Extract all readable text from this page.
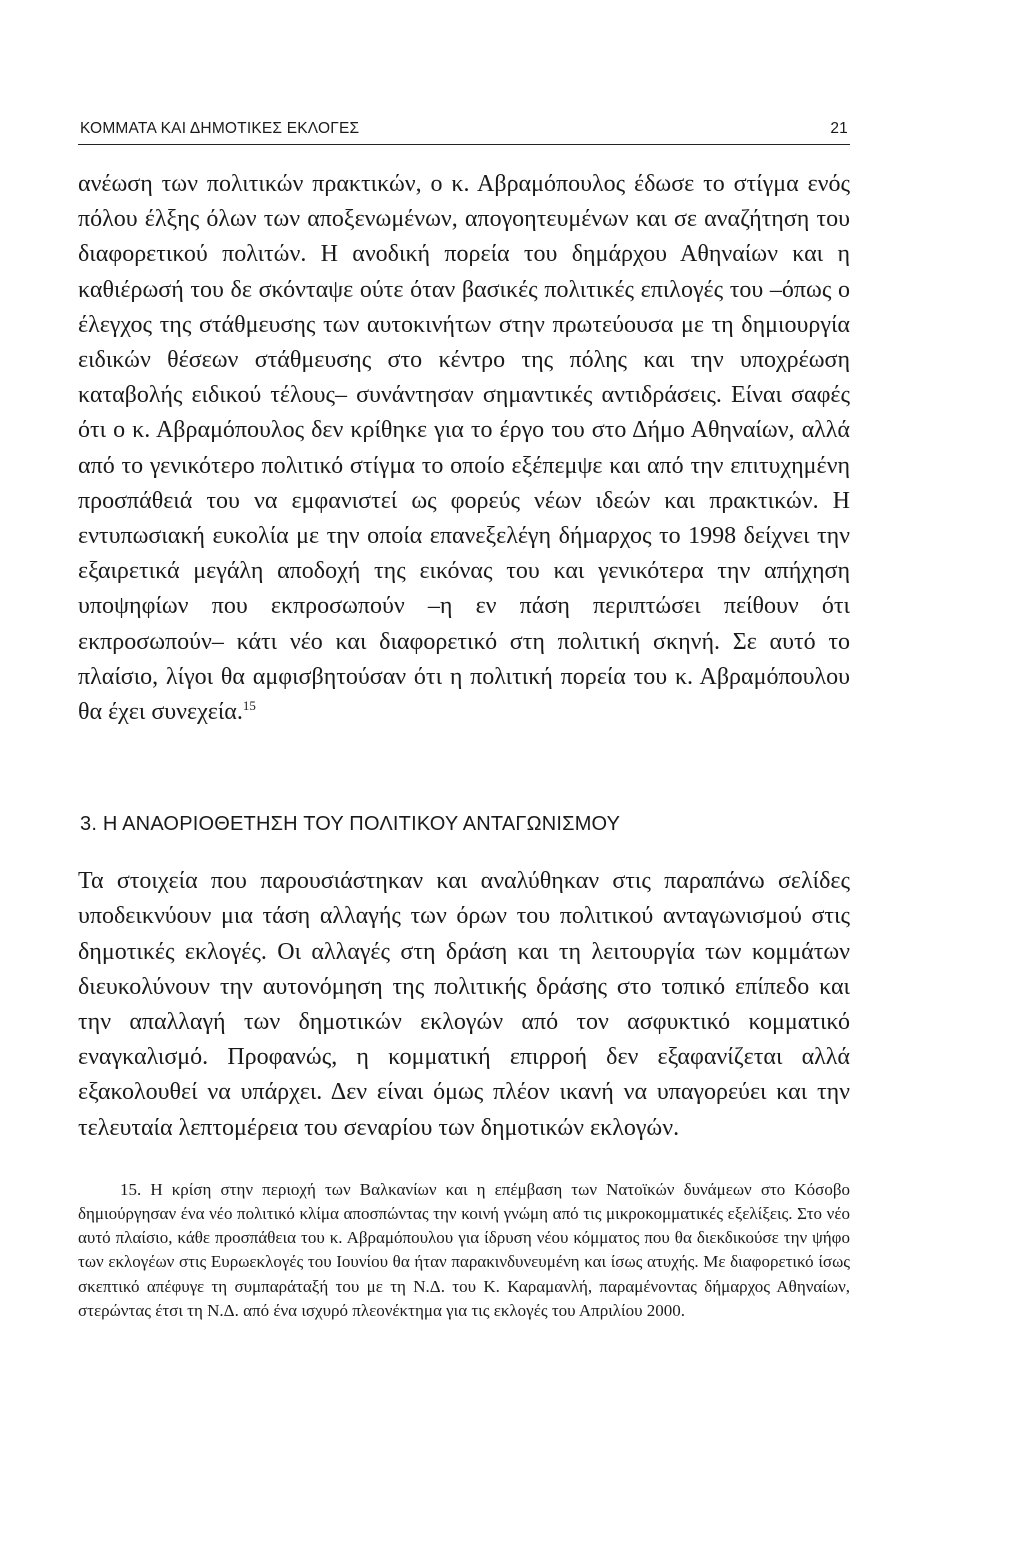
ΚΟΜΜΑΤΑ ΚΑΙ ΔΗΜΟΤΙΚΕΣ ΕΚΛΟΓΕΣ	21

ανέωση των πολιτικών πρακτικών, ο κ. Αβραμόπουλος έδωσε το στίγμα ενός πόλου έλξης όλων των αποξενωμένων, απογοητευμένων και σε αναζήτηση του διαφορετικού πολιτών. Η ανοδική πορεία του δημάρχου Αθηναίων και η καθιέρωσή του δε σκόνταψε ούτε όταν βασικές πολιτικές επιλογές του –όπως ο έλεγχος της στάθμευσης των αυτοκινήτων στην πρωτεύουσα με τη δημιουργία ειδικών θέσεων στάθμευσης στο κέντρο της πόλης και την υποχρέωση καταβολής ειδικού τέλους– συνάντησαν σημαντικές αντιδράσεις. Είναι σαφές ότι ο κ. Αβραμόπουλος δεν κρίθηκε για το έργο του στο Δήμο Αθηναίων, αλλά από το γενικότερο πολιτικό στίγμα το οποίο εξέπεμψε και από την επιτυχημένη προσπάθειά του να εμφανιστεί ως φορεύς νέων ιδεών και πρακτικών. Η εντυπωσιακή ευκολία με την οποία επανεξελέγη δήμαρχος το 1998 δείχνει την εξαιρετικά μεγάλη αποδοχή της εικόνας του και γενικότερα την απήχηση υποψηφίων που εκπροσωπούν –η εν πάση περιπτώσει πείθουν ότι εκπροσωπούν– κάτι νέο και διαφορετικό στη πολιτική σκηνή. Σε αυτό το πλαίσιο, λίγοι θα αμφισβητούσαν ότι η πολιτική πορεία του κ. Αβραμόπουλου θα έχει συνεχεία.$^{15}$

3. Η ΑΝΑΟΡΙΟΘΕΤΗΣΗ ΤΟΥ ΠΟΛΙΤΙΚΟΥ ΑΝΤΑΓΩΝΙΣΜΟΥ

Τα στοιχεία που παρουσιάστηκαν και αναλύθηκαν στις παραπάνω σελίδες υποδεικνύουν μια τάση αλλαγής των όρων του πολιτικού ανταγωνισμού στις δημοτικές εκλογές. Οι αλλαγές στη δράση και τη λειτουργία των κομμάτων διευκολύνουν την αυτονόμηση της πολιτικής δράσης στο τοπικό επίπεδο και την απαλλαγή των δημοτικών εκλογών από τον ασφυκτικό κομματικό εναγκαλισμό. Προφανώς, η κομματική επιρροή δεν εξαφανίζεται αλλά εξακολουθεί να υπάρχει. Δεν είναι όμως πλέον ικανή να υπαγορεύει και την τελευταία λεπτομέρεια του σεναρίου των δημοτικών εκλογών.

15. Η κρίση στην περιοχή των Βαλκανίων και η επέμβαση των Νατοϊκών δυνάμεων στο Κόσοβο δημιούργησαν ένα νέο πολιτικό κλίμα αποσπώντας την κοινή γνώμη από τις μικροκομματικές εξελίξεις. Στο νέο αυτό πλαίσιο, κάθε προσπάθεια του κ. Αβραμόπουλου για ίδρυση νέου κόμματος που θα διεκδικούσε την ψήφο των εκλογέων στις Ευρωεκλογές του Ιουνίου θα ήταν παρακινδυνευμένη και ίσως ατυχής. Με διαφορετικό ίσως σκεπτικό απέφυγε τη συμπαράταξή του με τη Ν.Δ. του Κ. Καραμανλή, παραμένοντας δήμαρχος Αθηναίων, στερώντας έτσι τη Ν.Δ. από ένα ισχυρό πλεονέκτημα για τις εκλογές του Απριλίου 2000.
